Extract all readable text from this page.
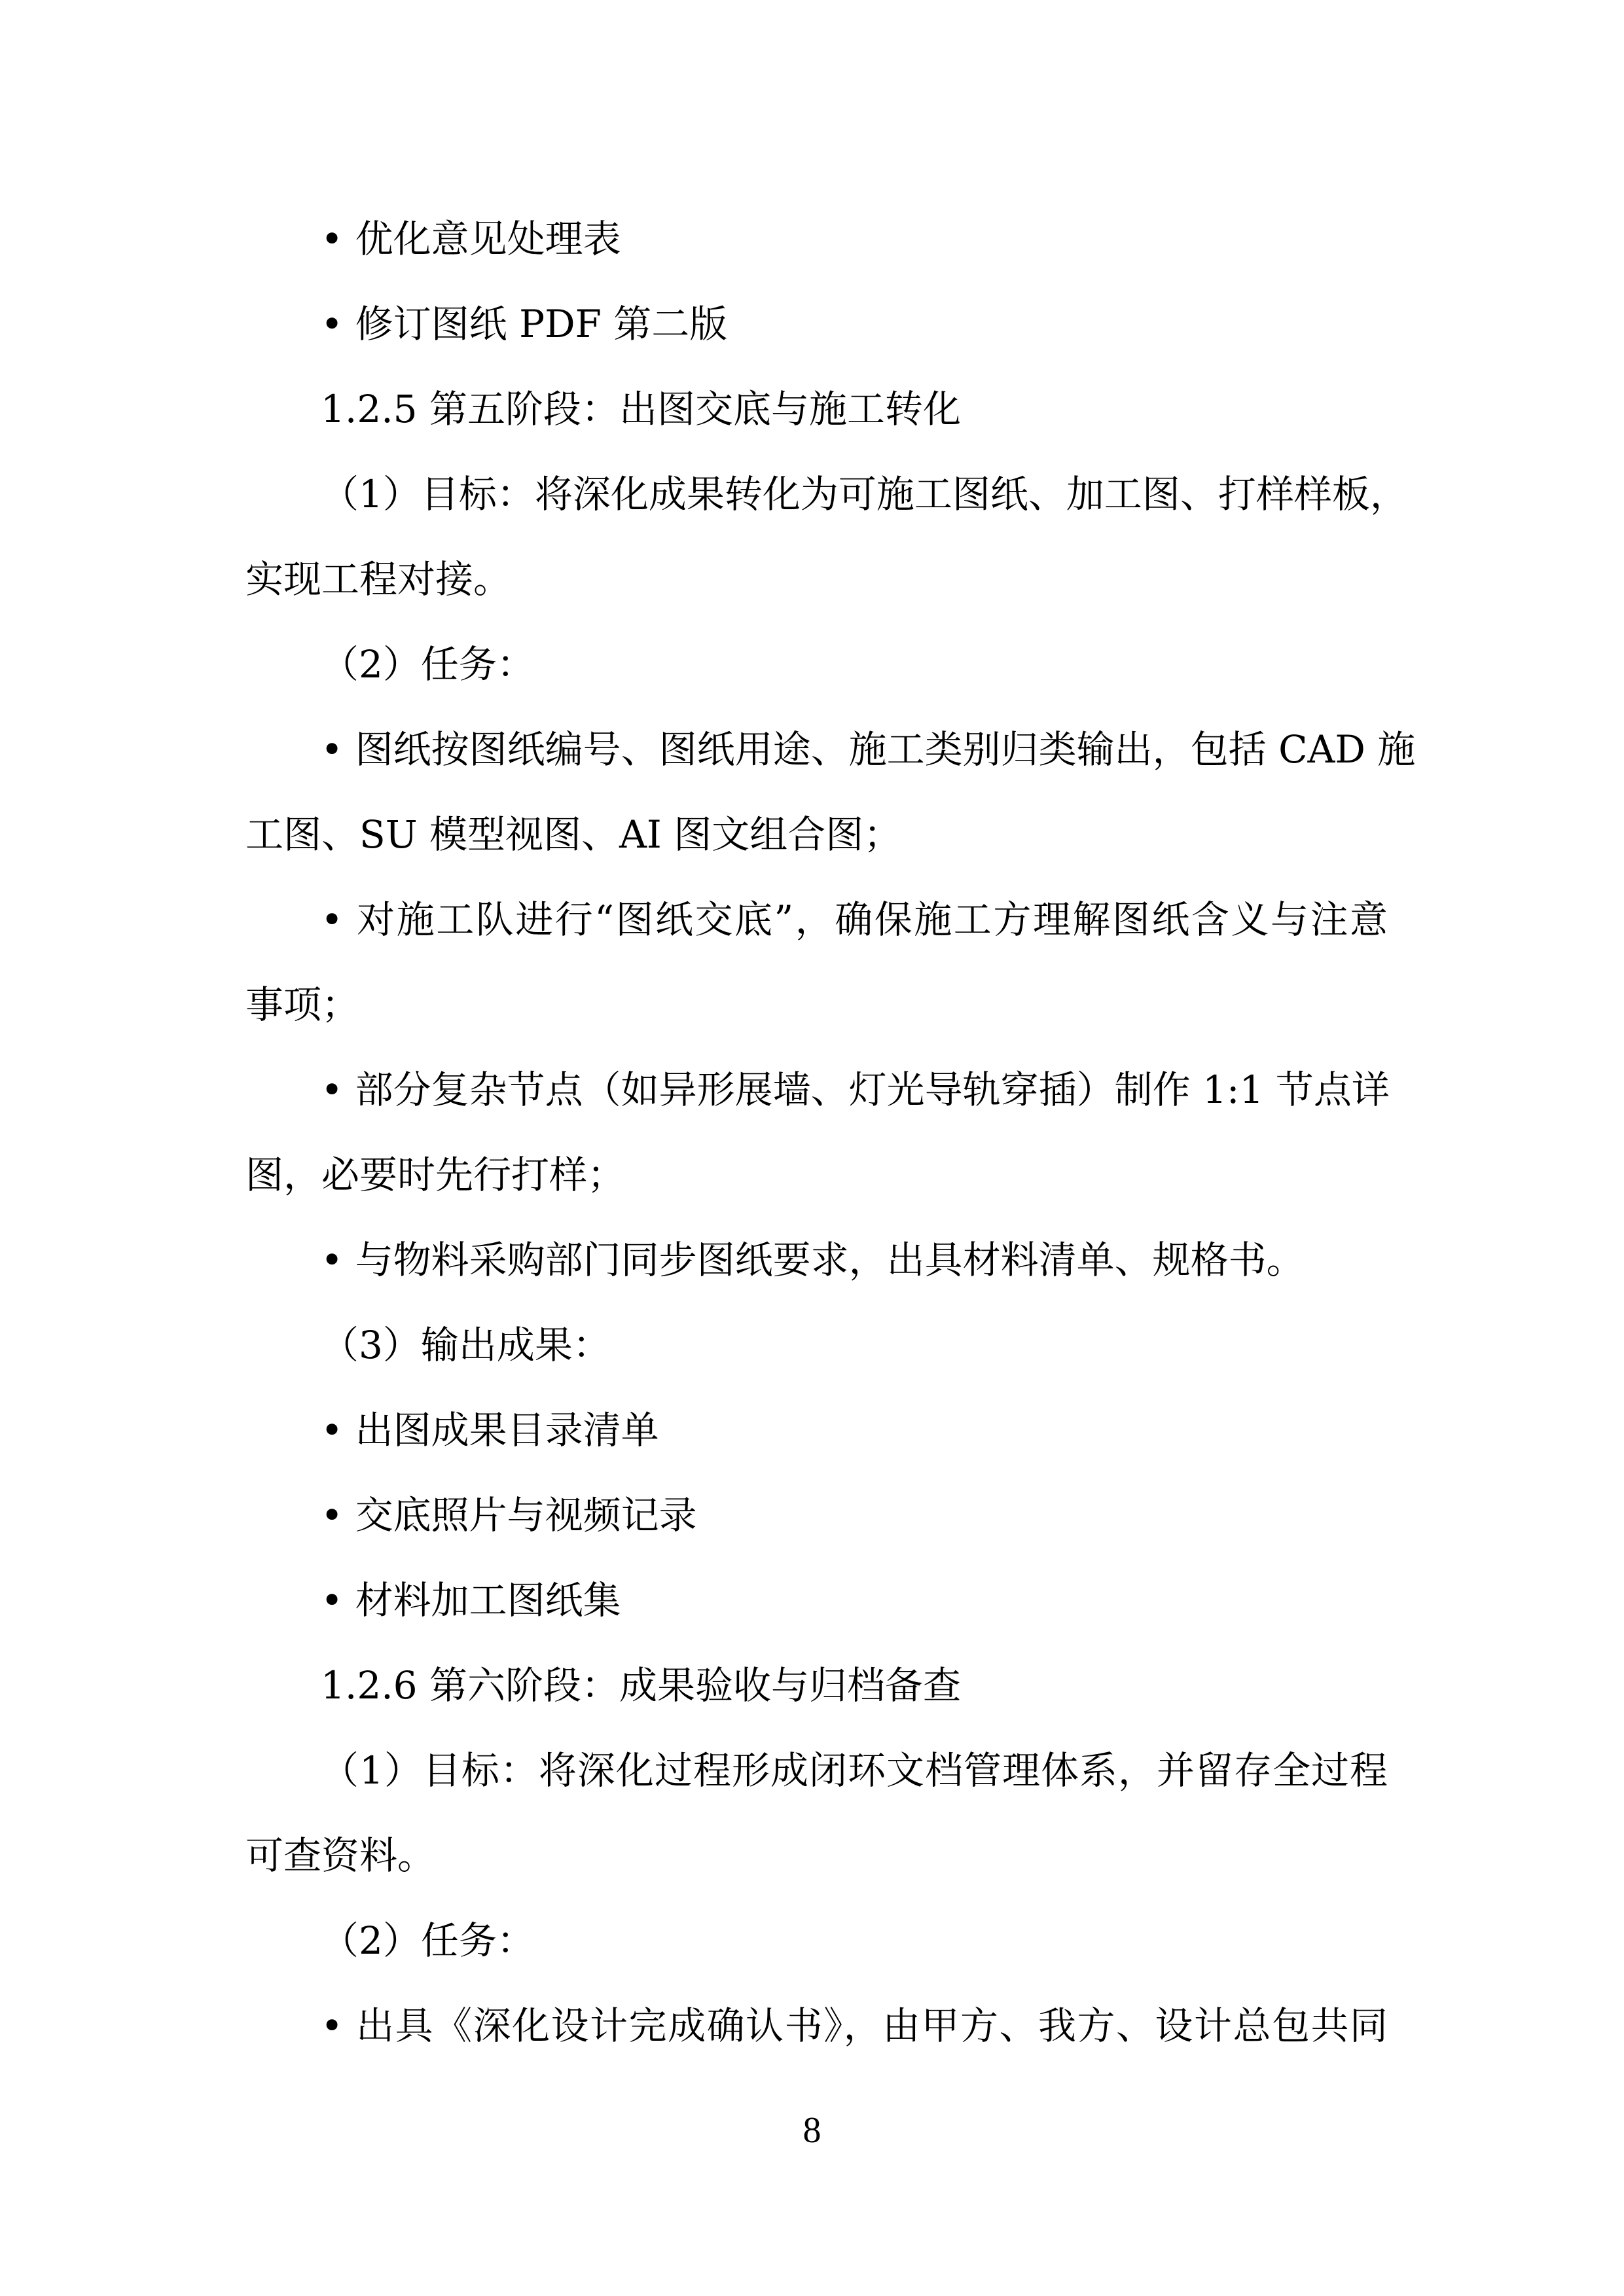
• 优化意见处理表
• 修订图纸 PDF 第二版
1.2.5 第五阶段：出图交底与施工转化
（1）目标：将深化成果转化为可施工图纸、加工图、打样样板，
实现工程对接。
（2）任务：
• 图纸按图纸编号、图纸用途、施工类别归类输出，包括 CAD 施
工图、SU 模型视图、AI 图文组合图；
• 对施工队进行“图纸交底”，确保施工方理解图纸含义与注意
事项；
• 部分复杂节点（如异形展墙、灯光导轨穿插）制作 1:1 节点详
图，必要时先行打样；
• 与物料采购部门同步图纸要求，出具材料清单、规格书。
（3）输出成果：
• 出图成果目录清单
• 交底照片与视频记录
• 材料加工图纸集
1.2.6 第六阶段：成果验收与归档备查
（1）目标：将深化过程形成闭环文档管理体系，并留存全过程
可查资料。
（2）任务：
• 出具《深化设计完成确认书》，由甲方、我方、设计总包共同
8
